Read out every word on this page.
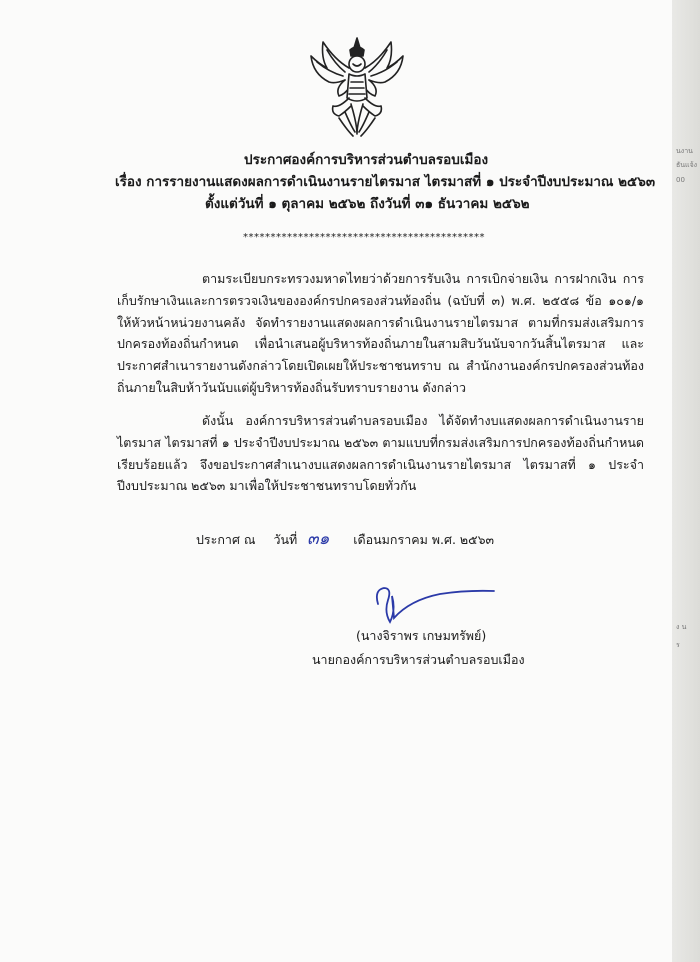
ประกาศองค์การบริหารส่วนตำบลรอบเมือง
เรื่อง การรายงานแสดงผลการดำเนินงานรายไตรมาส ไตรมาสที่ ๑ ประจำปีงบประมาณ ๒๕๖๓
ตั้งแต่วันที่ ๑ ตุลาคม ๒๕๖๒ ถึงวันที่ ๓๑ ธันวาคม ๒๕๖๒
********************************************
ตามระเบียบกระทรวงมหาดไทยว่าด้วยการรับเงิน การเบิกจ่ายเงิน การฝากเงิน การเก็บรักษาเงินและการตรวจเงินขององค์กรปกครองส่วนท้องถิ่น (ฉบับที่ ๓) พ.ศ. ๒๕๕๘ ข้อ ๑๐๑/๑ ให้หัวหน้าหน่วยงานคลัง จัดทำรายงานแสดงผลการดำเนินงานรายไตรมาส ตามที่กรมส่งเสริมการปกครองท้องถิ่นกำหนด เพื่อนำเสนอผู้บริหารท้องถิ่นภายในสามสิบวันนับจากวันสิ้นไตรมาส และประกาศสำเนารายงานดังกล่าวโดยเปิดเผยให้ประชาชนทราบ ณ สำนักงานองค์กรปกครองส่วนท้องถิ่นภายในสิบห้าวันนับแต่ผู้บริหารท้องถิ่นรับทราบรายงาน ดังกล่าว
ดังนั้น องค์การบริหารส่วนตำบลรอบเมือง ได้จัดทำงบแสดงผลการดำเนินงานรายไตรมาส ไตรมาสที่ ๑ ประจำปีงบประมาณ ๒๕๖๓ ตามแบบที่กรมส่งเสริมการปกครองท้องถิ่นกำหนดเรียบร้อยแล้ว จึงขอประกาศสำเนางบแสดงผลการดำเนินงานรายไตรมาส ไตรมาสที่ ๑ ประจำปีงบประมาณ ๒๕๖๓ มาเพื่อให้ประชาชนทราบโดยทั่วกัน
ประกาศ ณ วันที่ ๓๑ เดือนมกราคม พ.ศ. ๒๕๖๓
(นางจิราพร เกษมทรัพย์)
นายกองค์การบริหารส่วนตำบลรอบเมือง
นงาน
ธันแจ้ง
00
ง น
ร
